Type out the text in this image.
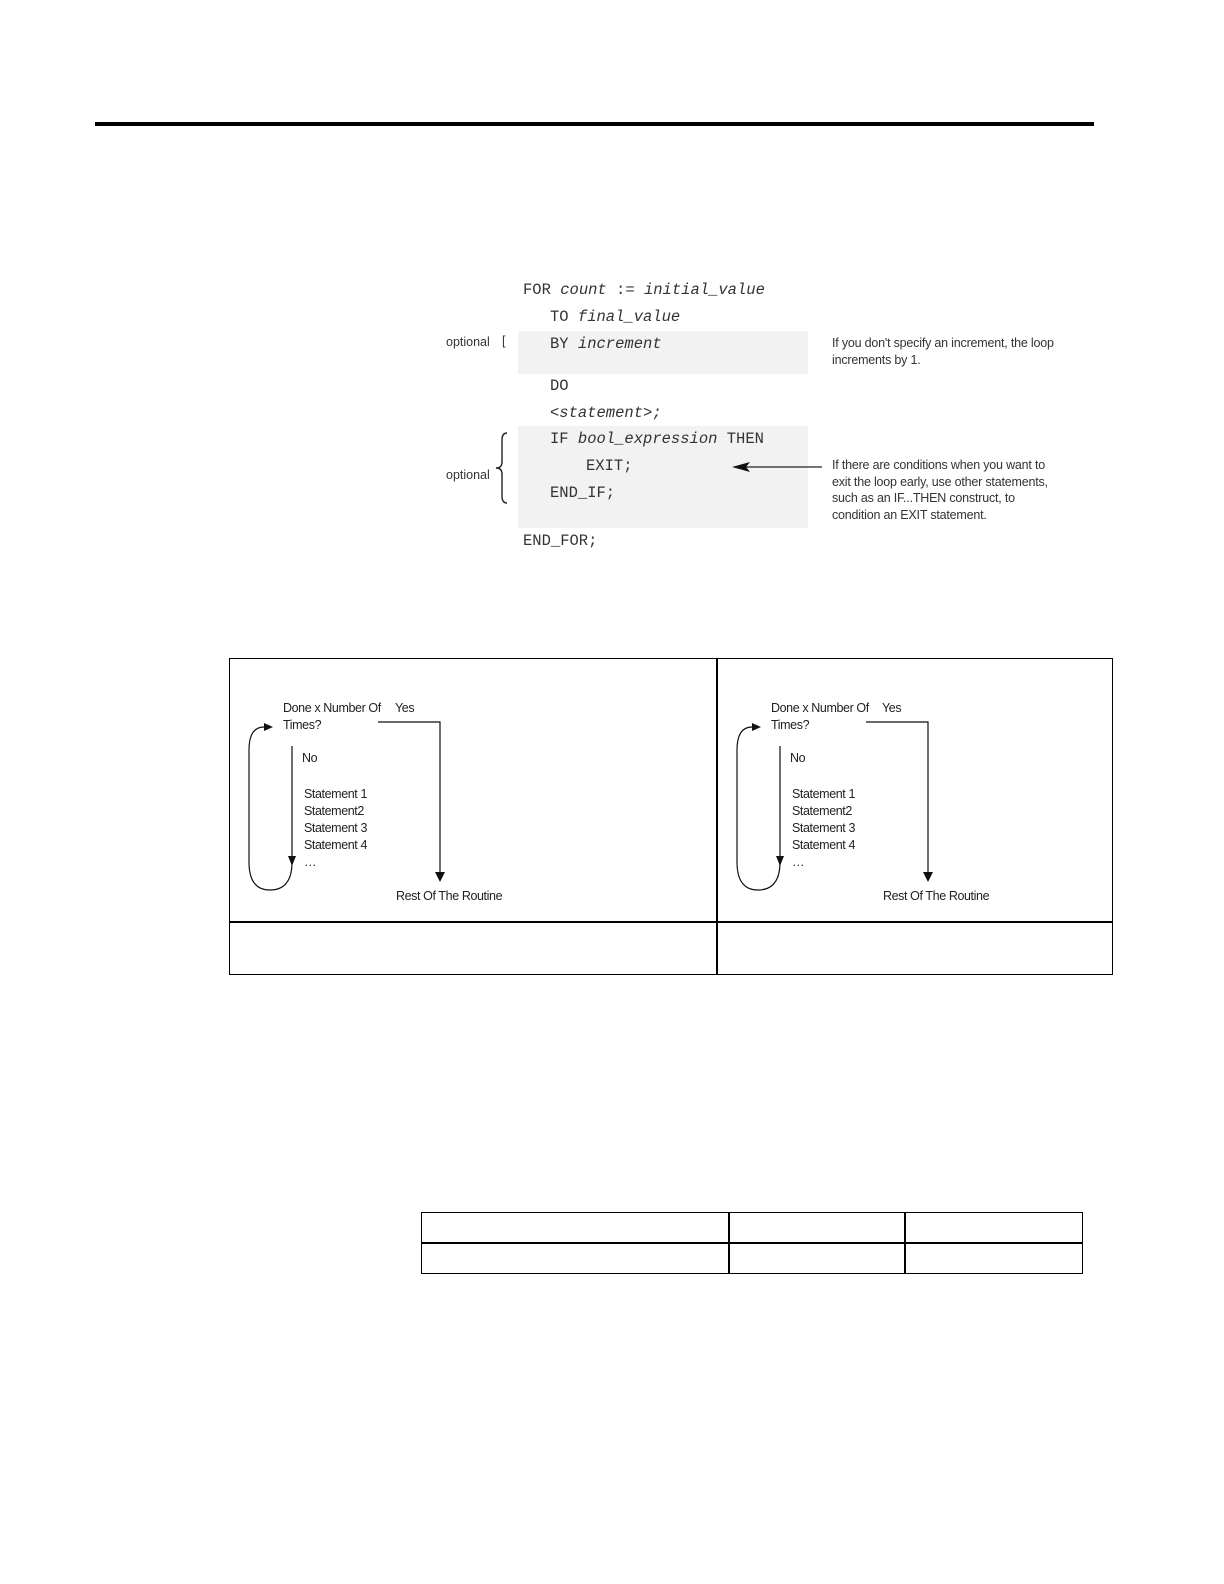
FOR count := initial_value
TO final_value
BY increment
DO
<statement>;
IF bool_expression THEN
EXIT;
END_IF;
END_FOR;
optional [
optional
If you don't specify an increment, the loop increments by 1.
If there are conditions when you want to exit the loop early, use other statements, such as an IF...THEN construct, to condition an EXIT statement.
Done x Number Of
Times?
Yes
No
Statement 1
Statement2
Statement 3
Statement 4
…
Rest Of The Routine
Done x Number Of
Times?
Yes
No
Statement 1
Statement2
Statement 3
Statement 4
…
Rest Of The Routine
